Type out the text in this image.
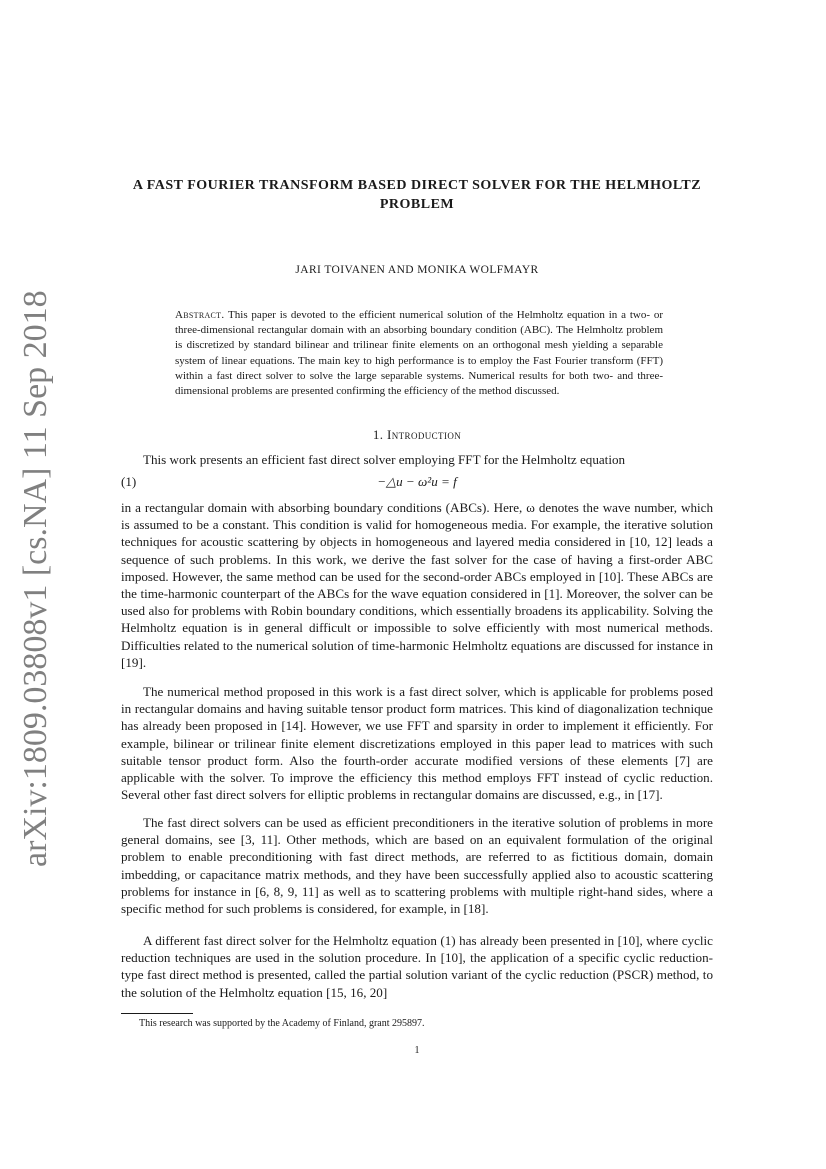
arXiv:1809.03808v1 [cs.NA] 11 Sep 2018
A FAST FOURIER TRANSFORM BASED DIRECT SOLVER FOR THE HELMHOLTZ PROBLEM
JARI TOIVANEN AND MONIKA WOLFMAYR
Abstract. This paper is devoted to the efficient numerical solution of the Helmholtz equation in a two- or three-dimensional rectangular domain with an absorbing boundary condition (ABC). The Helmholtz problem is discretized by standard bilinear and trilinear finite elements on an orthogonal mesh yielding a separable system of linear equations. The main key to high performance is to employ the Fast Fourier transform (FFT) within a fast direct solver to solve the large separable systems. Numerical results for both two- and three-dimensional problems are presented confirming the efficiency of the method discussed.
1. Introduction

This work presents an efficient fast direct solver employing FFT for the Helmholtz equation

(1)	−△u − ω²u = f

in a rectangular domain with absorbing boundary conditions (ABCs). Here, ω denotes the wave number, which is assumed to be a constant. This condition is valid for homogeneous media. For example, the iterative solution techniques for acoustic scattering by objects in homogeneous and layered media considered in [10, 12] leads a sequence of such problems. In this work, we derive the fast solver for the case of having a first-order ABC imposed. However, the same method can be used for the second-order ABCs employed in [10]. These ABCs are the time-harmonic counterpart of the ABCs for the wave equation considered in [1]. Moreover, the solver can be used also for problems with Robin boundary conditions, which essentially broadens its applicability. Solving the Helmholtz equation is in general difficult or impossible to solve efficiently with most numerical methods. Difficulties related to the numerical solution of time-harmonic Helmholtz equations are discussed for instance in [19].

The numerical method proposed in this work is a fast direct solver, which is applicable for problems posed in rectangular domains and having suitable tensor product form matrices. This kind of diagonalization technique has already been proposed in [14]. However, we use FFT and sparsity in order to implement it efficiently. For example, bilinear or trilinear finite element discretizations employed in this paper lead to matrices with such suitable tensor product form. Also the fourth-order accurate modified versions of these elements [7] are applicable with the solver. To improve the efficiency this method employs FFT instead of cyclic reduction. Several other fast direct solvers for elliptic problems in rectangular domains are discussed, e.g., in [17].

The fast direct solvers can be used as efficient preconditioners in the iterative solution of problems in more general domains, see [3, 11]. Other methods, which are based on an equivalent formulation of the original problem to enable preconditioning with fast direct methods, are referred to as fictitious domain, domain imbedding, or capacitance matrix methods, and they have been successfully applied also to acoustic scattering problems for instance in [6, 8, 9, 11] as well as to scattering problems with multiple right-hand sides, where a specific method for such problems is considered, for example, in [18].

A different fast direct solver for the Helmholtz equation (1) has already been presented in [10], where cyclic reduction techniques are used in the solution procedure. In [10], the application of a specific cyclic reduction-type fast direct method is presented, called the partial solution variant of the cyclic reduction (PSCR) method, to the solution of the Helmholtz equation [15, 16, 20]

This research was supported by the Academy of Finland, grant 295897.
1
